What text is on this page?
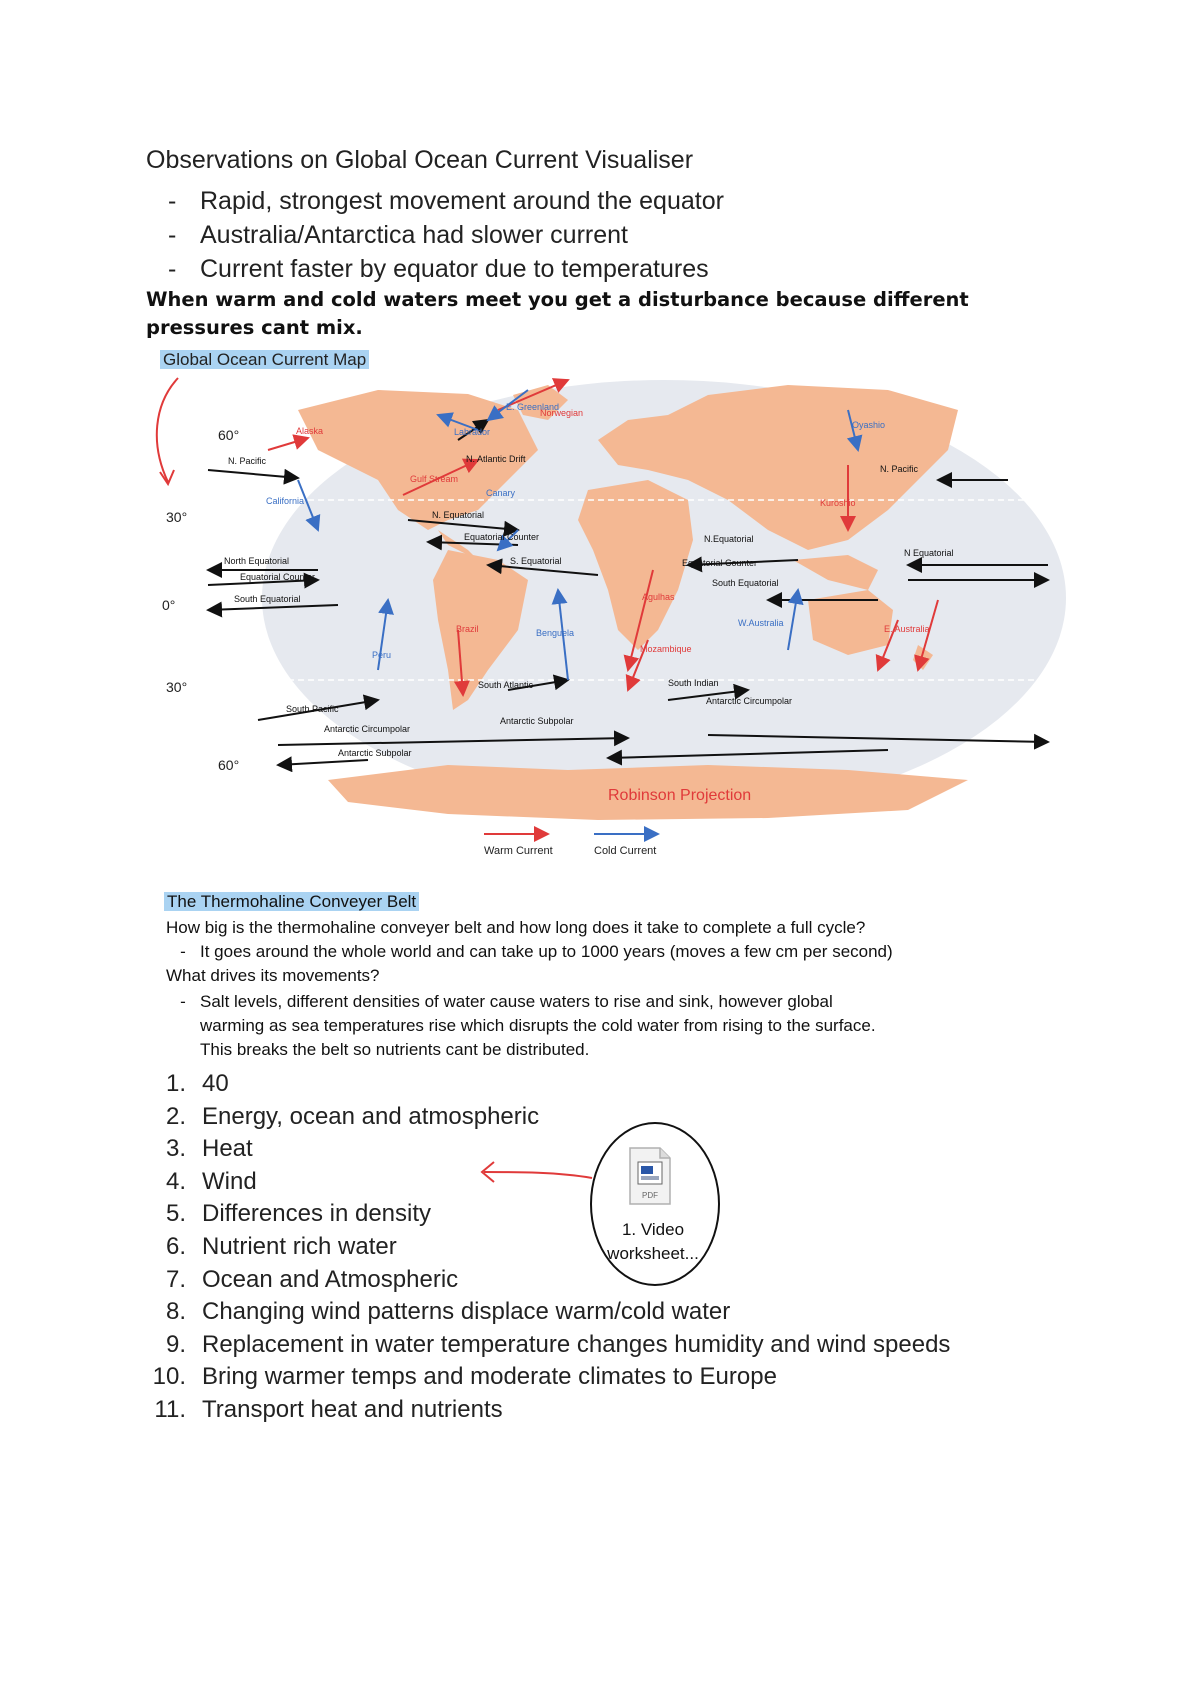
Observations on Global Ocean Current Visualiser
- Rapid, strongest movement around the equator
- Australia/Antarctica had slower current
- Current faster by equator due to temperatures
When warm and cold waters meet you get a disturbance because different
pressures cant mix.
Global Ocean Current Map
60°
30°
0°
30°
60°
Alaska
N. Pacific
California
North Equatorial
Equatorial Counter
South Equatorial
Peru
South Pacific
Antarctic Circumpolar
Antarctic Subpolar
Labrador
E. Greenland
Norwegian
N. Atlantic Drift
Gulf Stream
Canary
N. Equatorial
Equatorial Counter
S. Equatorial
Brazil	Benguela
South Atlantic
Antarctic Subpolar
Agulhas
Mozambique
N.Equatorial
Equatorial Counter
South Equatorial
W.Australia
South Indian
Antarctic Circumpolar
Oyashio
N. Pacific
Kuroshio
N Equatorial
E. Australia
Robinson Projection
Warm Current	Cold Current
The Thermohaline Conveyer Belt
How big is the thermohaline conveyer belt and how long does it take to complete a full cycle?
- It goes around the whole world and can take up to 1000 years (moves a few cm per second)
What drives its movements?
- Salt levels, different densities of water cause waters to rise and sink, however global
warming as sea temperatures rise which disrupts the cold water from rising to the surface.
This breaks the belt so nutrients cant be distributed.
1. 40
2. Energy, ocean and atmospheric
3. Heat
4. Wind
5. Differences in density
6. Nutrient rich water
7. Ocean and Atmospheric
8. Changing wind patterns displace warm/cold water
9. Replacement in water temperature changes humidity and wind speeds
10. Bring warmer temps and moderate climates to Europe
11. Transport heat and nutrients
PDF
1. Video
worksheet...
